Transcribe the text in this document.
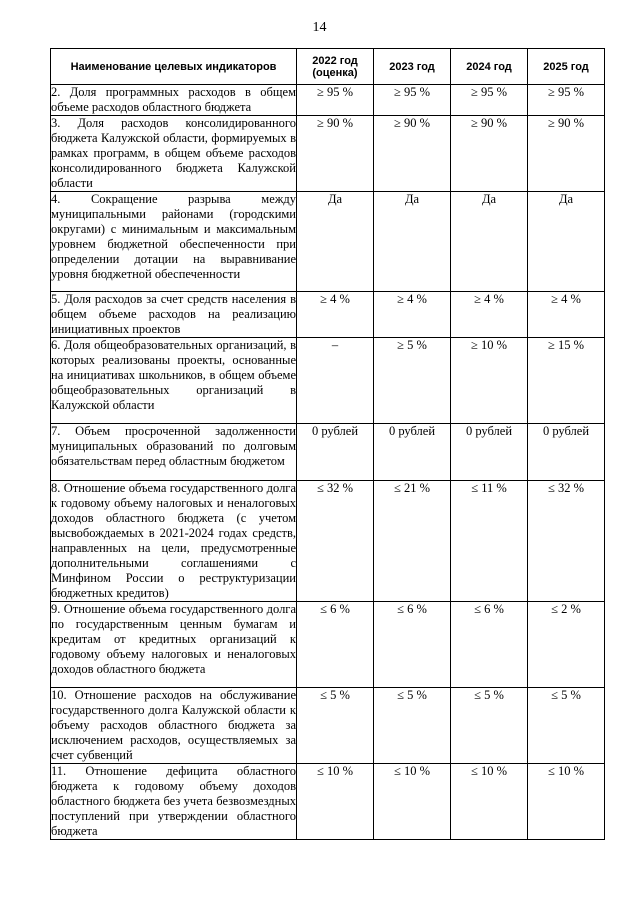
14
Наименование целевых индикаторов	2022 год (оценка)	2023 год	2024 год	2025 год
2. Доля программных расходов в общем объеме расходов областного бюджета	≥ 95 %	≥ 95 %	≥ 95 %	≥ 95 %
3. Доля расходов консолидированного бюджета Калужской области, формируемых в рамках программ, в общем объеме расходов консолидированного бюджета Калужской области	≥ 90 %	≥ 90 %	≥ 90 %	≥ 90 %
4. Сокращение разрыва между муниципальными районами (городскими округами) с минимальным и максимальным уровнем бюджетной обеспеченности при определении дотации на выравнивание уровня бюджетной обеспеченности	Да	Да	Да	Да
5. Доля расходов за счет средств населения в общем объеме расходов на реализацию инициативных проектов	≥ 4 %	≥ 4 %	≥ 4 %	≥ 4 %
6. Доля общеобразовательных организаций, в которых реализованы проекты, основанные на инициативах школьников, в общем объеме общеобразовательных организаций в Калужской области	–	≥ 5 %	≥ 10 %	≥ 15 %
7. Объем просроченной задолженности муниципальных образований по долговым обязательствам перед областным бюджетом	0 рублей	0 рублей	0 рублей	0 рублей
8. Отношение объема государственного долга к годовому объему налоговых и неналоговых доходов областного бюджета (с учетом высвобождаемых в 2021-2024 годах средств, направленных на цели, предусмотренные дополнительными соглашениями с Минфином России о реструктуризации бюджетных кредитов)	≤ 32 %	≤ 21 %	≤ 11 %	≤ 32 %
9. Отношение объема государственного долга по государственным ценным бумагам и кредитам от кредитных организаций к годовому объему налоговых и неналоговых доходов областного бюджета	≤ 6 %	≤ 6 %	≤ 6 %	≤ 2 %
10. Отношение расходов на обслуживание государственного долга Калужской области к объему расходов областного бюджета за исключением расходов, осуществляемых за счет субвенций	≤ 5 %	≤ 5 %	≤ 5 %	≤ 5 %
11. Отношение дефицита областного бюджета к годовому объему доходов областного бюджета без учета безвозмездных поступлений при утверждении областного бюджета	≤ 10 %	≤ 10 %	≤ 10 %	≤ 10 %
